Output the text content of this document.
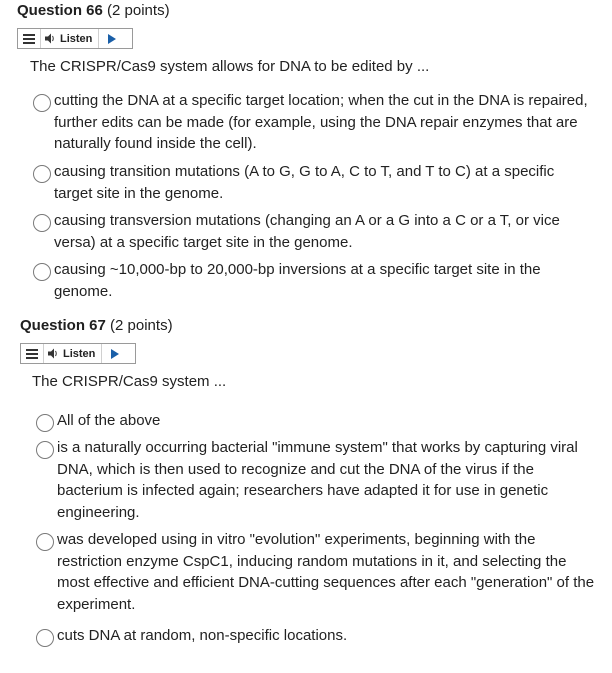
Question 66 (2 points)
Listen
The CRISPR/Cas9 system allows for DNA to be edited by ...
cutting the DNA at a specific target location; when the cut in the DNA is repaired, further edits can be made (for example, using the DNA repair enzymes that are naturally found inside the cell).
causing transition mutations (A to G, G to A, C to T, and T to C) at a specific target site in the genome.
causing transversion mutations (changing an A or a G into a C or a T, or vice versa) at a specific target site in the genome.
causing ~10,000-bp to 20,000-bp inversions at a specific target site in the genome.
Question 67 (2 points)
Listen
The CRISPR/Cas9 system ...
All of the above
is a naturally occurring bacterial "immune system" that works by capturing viral DNA, which is then used to recognize and cut the DNA of the virus if the bacterium is infected again; researchers have adapted it for use in genetic engineering.
was developed using in vitro "evolution" experiments, beginning with the restriction enzyme CspC1, inducing random mutations in it, and selecting the most effective and efficient DNA-cutting sequences after each "generation" of the experiment.
cuts DNA at random, non-specific locations.
